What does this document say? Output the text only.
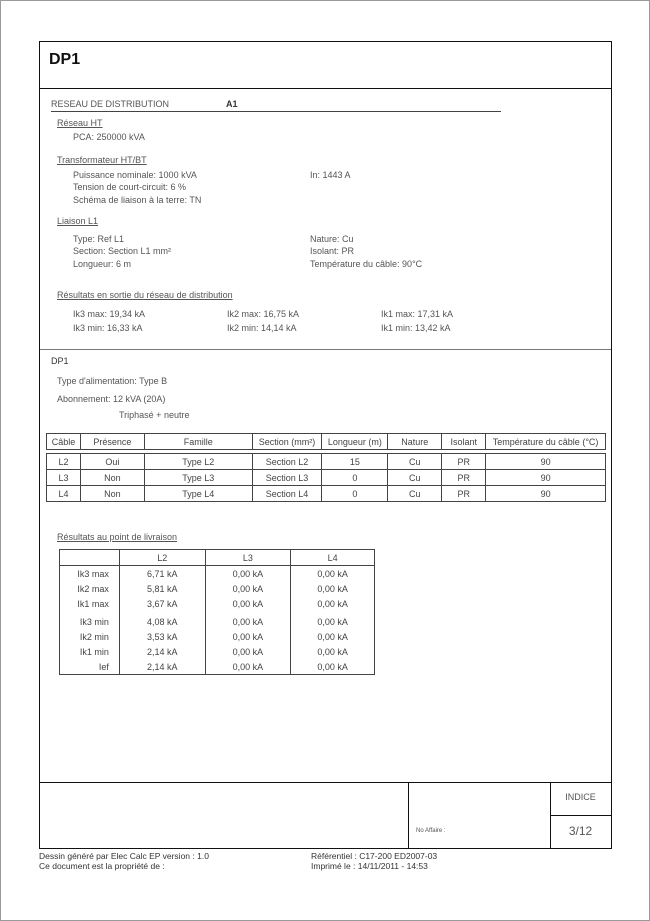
DP1
RESEAU DE DISTRIBUTION	A1
Réseau HT
PCA: 250000 kVA
Transformateur HT/BT
Puissance nominale: 1000 kVA	In: 1443 A
Tension de court-circuit: 6 %
Schéma de liaison à la terre: TN
Liaison L1
Type: Ref L1	Nature: Cu
Section: Section L1 mm²	Isolant: PR
Longueur: 6 m	Température du câble: 90°C
Résultats en sortie du réseau de distribution
Ik3 max: 19,34 kA	Ik2 max: 16,75 kA	Ik1 max: 17,31 kA
Ik3 min: 16,33 kA	Ik2 min: 14,14 kA	Ik1 min: 13,42 kA
DP1
Type d'alimentation: Type B
Abonnement: 12 kVA (20A)
Triphasé + neutre
Câble	Présence	Famille	Section (mm²)	Longueur (m)	Nature	Isolant	Température du câble (°C)

L2	Oui	Type L2	Section L2	15	Cu	PR	90
L3	Non	Type L3	Section L3	0	Cu	PR	90
L4	Non	Type L4	Section L4	0	Cu	PR	90
Résultats au point de livraison
	L2	L3	L4
Ik3 max	6,71 kA	0,00 kA	0,00 kA
Ik2 max	5,81 kA	0,00 kA	0,00 kA
Ik1 max	3,67 kA	0,00 kA	0,00 kA

Ik3 min	4,08 kA	0,00 kA	0,00 kA
Ik2 min	3,53 kA	0,00 kA	0,00 kA
Ik1 min	2,14 kA	0,00 kA	0,00 kA
Ief	2,14 kA	0,00 kA	0,00 kA
No Affaire :
INDICE
3/12
Dessin généré par Elec Calc EP version : 1.0
Ce document est la propriété de :
Référentiel : C17-200 ED2007-03
Imprimé le : 14/11/2011 - 14:53
